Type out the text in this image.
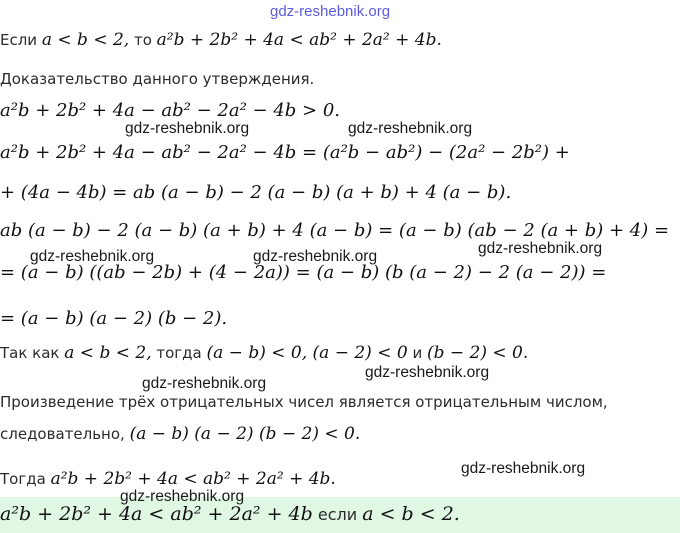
gdz-reshebnik.org
Если a < b < 2, то a²b + 2b² + 4a < ab² + 2a² + 4b.
Доказательство данного утверждения.
a²b + 2b² + 4a − ab² − 2a² − 4b > 0.
a²b + 2b² + 4a − ab² − 2a² − 4b = (a²b − ab²) − (2a² − 2b²) +
+ (4a − 4b) = ab (a − b) − 2 (a − b) (a + b) + 4 (a − b).
ab (a − b) − 2 (a − b) (a + b) + 4 (a − b) = (a − b) (ab − 2 (a + b) + 4) =
= (a − b) ((ab − 2b) + (4 − 2a)) = (a − b) (b (a − 2) − 2 (a − 2)) =
= (a − b) (a − 2) (b − 2).
Так как a < b < 2, тогда (a − b) < 0, (a − 2) < 0 и (b − 2) < 0.
Произведение трёх отрицательных чисел является отрицательным числом,
следовательно, (a − b) (a − 2) (b − 2) < 0.
Тогда a²b + 2b² + 4a < ab² + 2a² + 4b.
a²b + 2b² + 4a < ab² + 2a² + 4b если a < b < 2.
gdz-reshebnik.org	gdz-reshebnik.org
gdz-reshebnik.org	gdz-reshebnik.org	gdz-reshebnik.org
gdz-reshebnik.org
gdz-reshebnik.org
gdz-reshebnik.org
gdz-reshebnik.org
